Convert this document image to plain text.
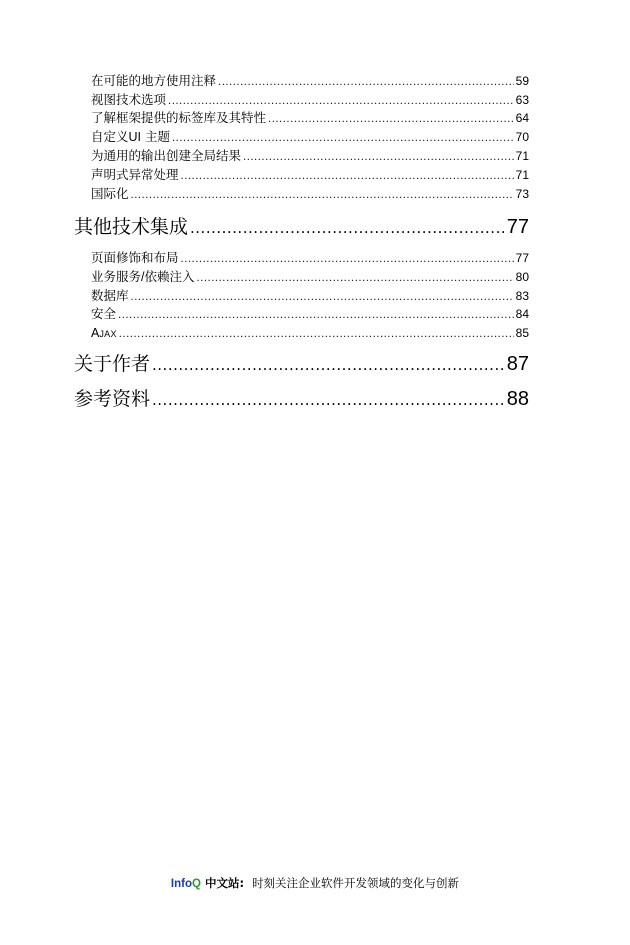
在可能的地方使用注释 .....	59
视图技术选项 .....	63
了解框架提供的标签库及其特性 .....	64
自定义UI 主题 .....	70
为通用的输出创建全局结果 .....	71
声明式异常处理 .....	71
国际化 .....	73
其他技术集成 .....	77
页面修饰和布局 .....	77
业务服务/依赖注入 .....	80
数据库 .....	83
安全 .....	84
AJAX .....	85
关于作者 .....	87
参考资料 .....	88
InfoQ 中文站: 时刻关注企业软件开发领域的变化与创新
